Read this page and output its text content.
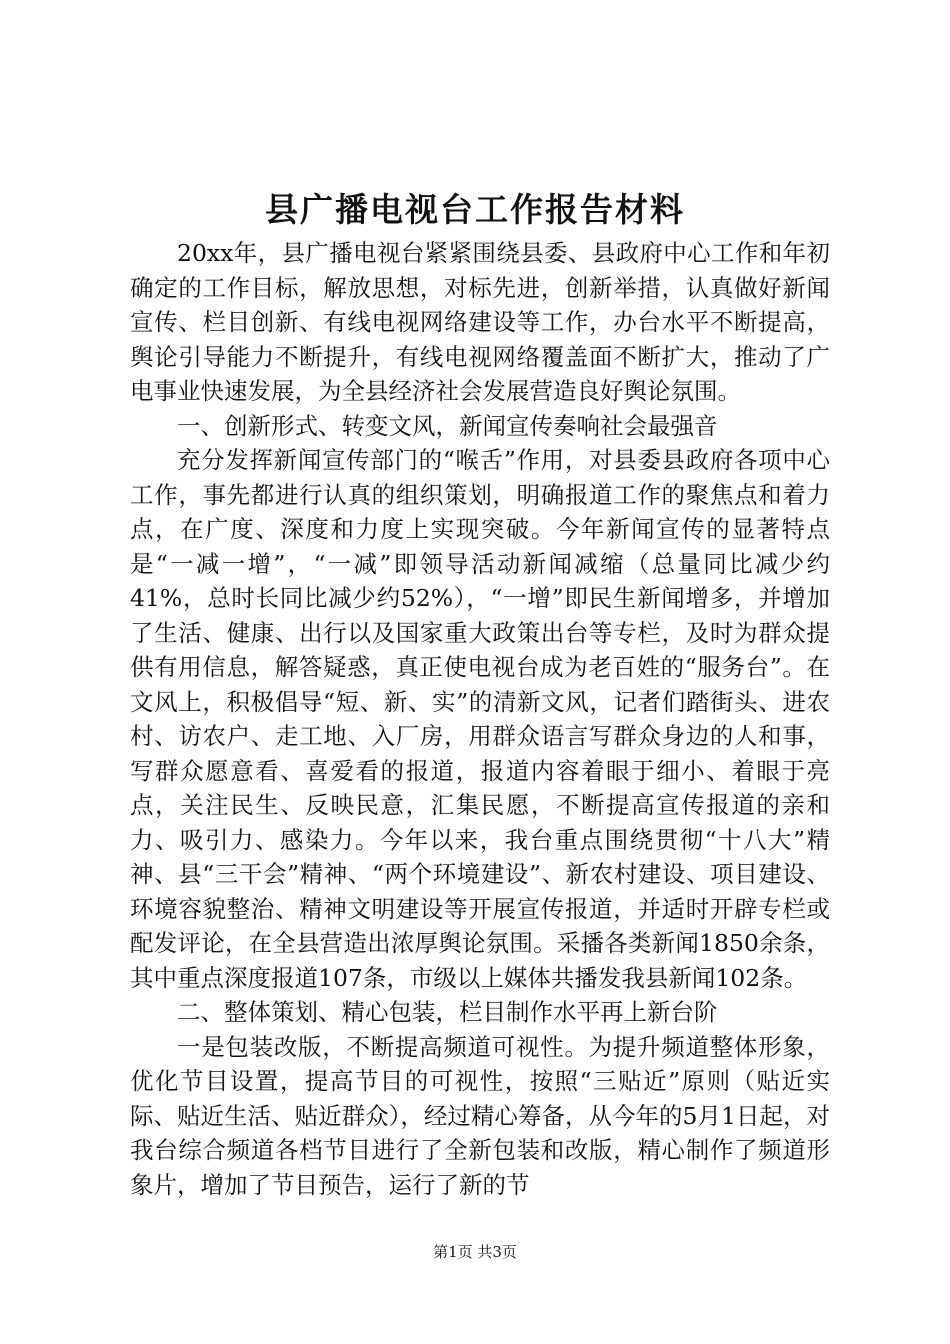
县广播电视台工作报告材料

20xx年，县广播电视台紧紧围绕县委、县政府中心工作和年初确定的工作目标，解放思想，对标先进，创新举措，认真做好新闻宣传、栏目创新、有线电视网络建设等工作，办台水平不断提高，舆论引导能力不断提升，有线电视网络覆盖面不断扩大，推动了广电事业快速发展，为全县经济社会发展营造良好舆论氛围。

一、创新形式、转变文风，新闻宣传奏响社会最强音

充分发挥新闻宣传部门的“喉舌”作用，对县委县政府各项中心工作，事先都进行认真的组织策划，明确报道工作的聚焦点和着力点，在广度、深度和力度上实现突破。今年新闻宣传的显著特点是“一减一增”，“一减”即领导活动新闻减缩（总量同比减少约41%，总时长同比减少约52%），“一增”即民生新闻增多，并增加了生活、健康、出行以及国家重大政策出台等专栏，及时为群众提供有用信息，解答疑惑，真正使电视台成为老百姓的“服务台”。在文风上，积极倡导“短、新、实”的清新文风，记者们踏街头、进农村、访农户、走工地、入厂房，用群众语言写群众身边的人和事，写群众愿意看、喜爱看的报道，报道内容着眼于细小、着眼于亮点，关注民生、反映民意，汇集民愿，不断提高宣传报道的亲和力、吸引力、感染力。今年以来，我台重点围绕贯彻“十八大”精神、县“三干会”精神、“两个环境建设”、新农村建设、项目建设、环境容貌整治、精神文明建设等开展宣传报道，并适时开辟专栏或配发评论，在全县营造出浓厚舆论氛围。采播各类新闻1850余条，其中重点深度报道107条，市级以上媒体共播发我县新闻102条。

二、整体策划、精心包装，栏目制作水平再上新台阶

一是包装改版，不断提高频道可视性。为提升频道整体形象，优化节目设置，提高节目的可视性，按照“三贴近”原则（贴近实际、贴近生活、贴近群众），经过精心筹备，从今年的5月1日起，对我台综合频道各档节目进行了全新包装和改版，精心制作了频道形象片，增加了节目预告，运行了新的节

第1页 共3页
